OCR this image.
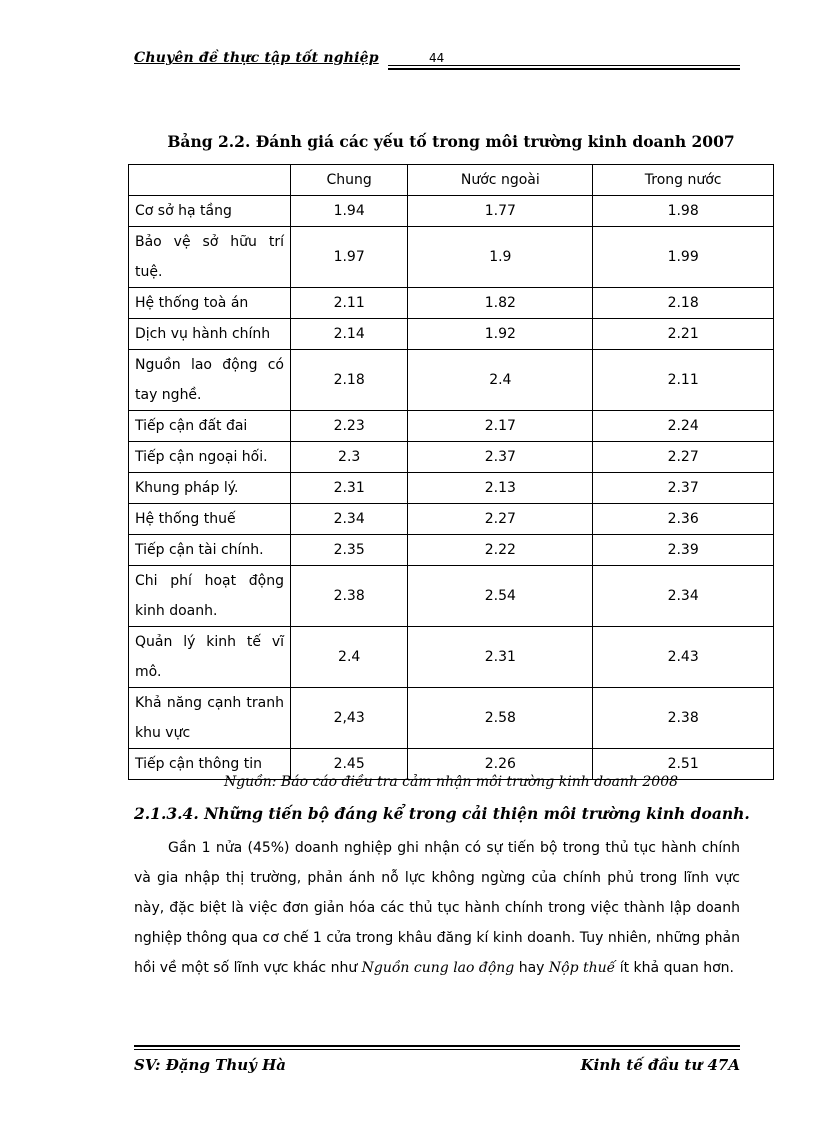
Chuyên đề thực tập tốt nghiệp	44
Bảng 2.2. Đánh giá các yếu tố trong môi trường kinh doanh 2007
	Chung	Nước ngoài	Trong nước
Cơ sở hạ tầng	1.94	1.77	1.98
Bảo vệ sở hữu trí tuệ.	1.97	1.9	1.99
Hệ thống toà án	2.11	1.82	2.18
Dịch vụ hành chính	2.14	1.92	2.21
Nguồn lao động có tay nghề.	2.18	2.4	2.11
Tiếp cận đất đai	2.23	2.17	2.24
Tiếp cận ngoại hối.	2.3	2.37	2.27
Khung pháp lý.	2.31	2.13	2.37
Hệ thống thuế	2.34	2.27	2.36
Tiếp cận tài chính.	2.35	2.22	2.39
Chi phí hoạt động kinh doanh.	2.38	2.54	2.34
Quản lý kinh tế vĩ mô.	2.4	2.31	2.43
Khả năng cạnh tranh khu vực	2,43	2.58	2.38
Tiếp cận thông tin	2.45	2.26	2.51
Nguồn: Báo cáo điều tra cảm nhận môi trường kinh doanh 2008
2.1.3.4. Những tiến bộ đáng kể trong cải thiện môi trường kinh doanh.
Gần 1 nửa (45%) doanh nghiệp ghi nhận có sự tiến bộ trong thủ tục hành chính và gia nhập thị trường, phản ánh nỗ lực không ngừng của chính phủ trong lĩnh vực này, đặc biệt là việc đơn giản hóa các thủ tục hành chính trong việc thành lập doanh nghiệp thông qua cơ chế 1 cửa trong khâu đăng kí kinh doanh. Tuy nhiên, những phản hồi về một số lĩnh vực khác như Nguồn cung lao động hay Nộp thuế ít khả quan hơn.
SV: Đặng Thuý Hà	Kinh tế đầu tư 47A
